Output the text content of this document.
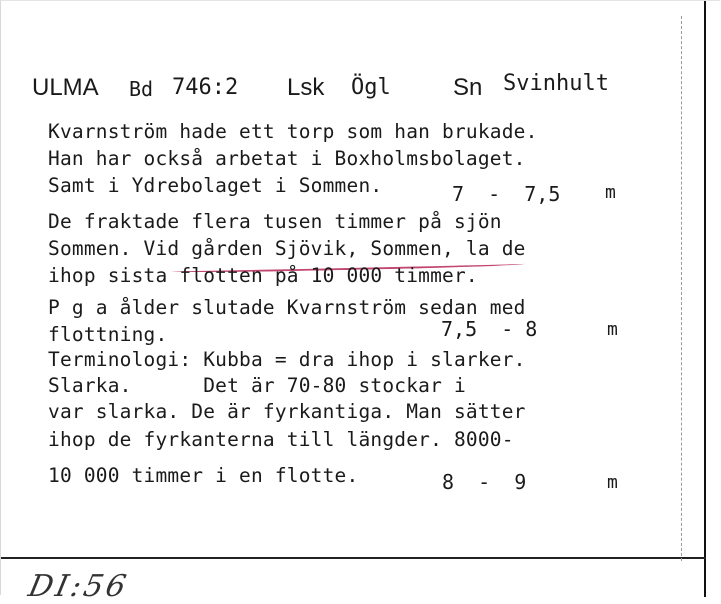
ULMA Bd 746:2 Lsk Ögl	Sn Svinhult
Kvarnström hade ett torp som han brukade.
Han har också arbetat i Boxholmsbolaget.
Samt i Ydrebolaget i Sommen.	7  -  7,5 m
De fraktade flera tusen timmer på sjön
Sommen. Vid gården Sjövik, Sommen, la de
ihop sista flotten på 10 000 timmer.
P g a ålder slutade Kvarnström sedan med
flottning.	7,5  - 8	m
Terminologi: Kubba = dra ihop i slarker.
Slarka.      Det är 70-80 stockar i
var slarka. De är fyrkantiga. Man sätter
ihop de fyrkanterna till längder. 8000-
10 000 timmer i en flotte.	8  -  9	m
DI:56
